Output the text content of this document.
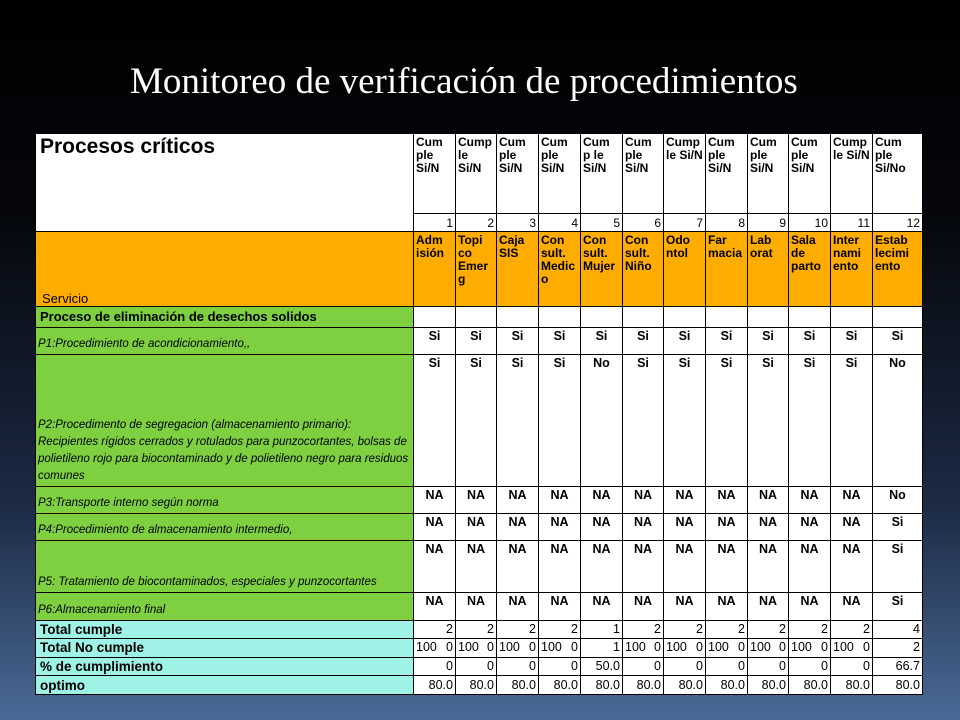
Monitoreo de verificación de procedimientos
Procesos críticos	Cum ple Si/N	Cump le Si/N	Cum ple Si/N	Cum ple Si/N	Cum p le Si/N	Cum ple Si/N	Cump le Si/N	Cum ple Si/N	Cum ple Si/N	Cum ple Si/N	Cump le Si/N	Cum ple Si/No
	1	2	3	4	5	6	7	8	9	10	11	12
Servicio	Adm isión	Topi co Emer g	Caja SIS	Con sult. Medic o	Con sult. Mujer	Con sult. Niño	Odo ntol	Far macia	Lab orat	Sala de parto	Inter nami ento	Estab lecimi ento
Proceso de eliminación de desechos solidos												
P1:Procedimiento de acondicionamiento,,	Si	Si	Si	Si	Si	Si	Si	Si	Si	Si	Si	Si
P2:Procedimento de segregacion (almacenamiento primario): Recipientes rígidos cerrados y rotulados para punzocortantes, bolsas de polietileno rojo para biocontaminado y de polietileno negro para residuos comunes	Si	Si	Si	Si	No	Si	Si	Si	Si	Si	Si	No
P3:Transporte interno según norma	NA	NA	NA	NA	NA	NA	NA	NA	NA	NA	NA	No
P4:Procedimiento de almacenamiento intermedio,	NA	NA	NA	NA	NA	NA	NA	NA	NA	NA	NA	Si
P5: Tratamiento de biocontaminados, especiales y punzocortantes	NA	NA	NA	NA	NA	NA	NA	NA	NA	NA	NA	Si
P6:Almacenamiento final	NA	NA	NA	NA	NA	NA	NA	NA	NA	NA	NA	Si
Total cumple	2	2	2	2	1	2	2	2	2	2	2	4
Total No cumple	100 0	100 0	100 0	100 0	1	100 0	100 0	100 0	100 0	100 0	100 0	2
% de cumplimiento	0	0	0	0	50.0	0	0	0	0	0	0	66.7
optimo	80.0	80.0	80.0	80.0	80.0	80.0	80.0	80.0	80.0	80.0	80.0	80.0
